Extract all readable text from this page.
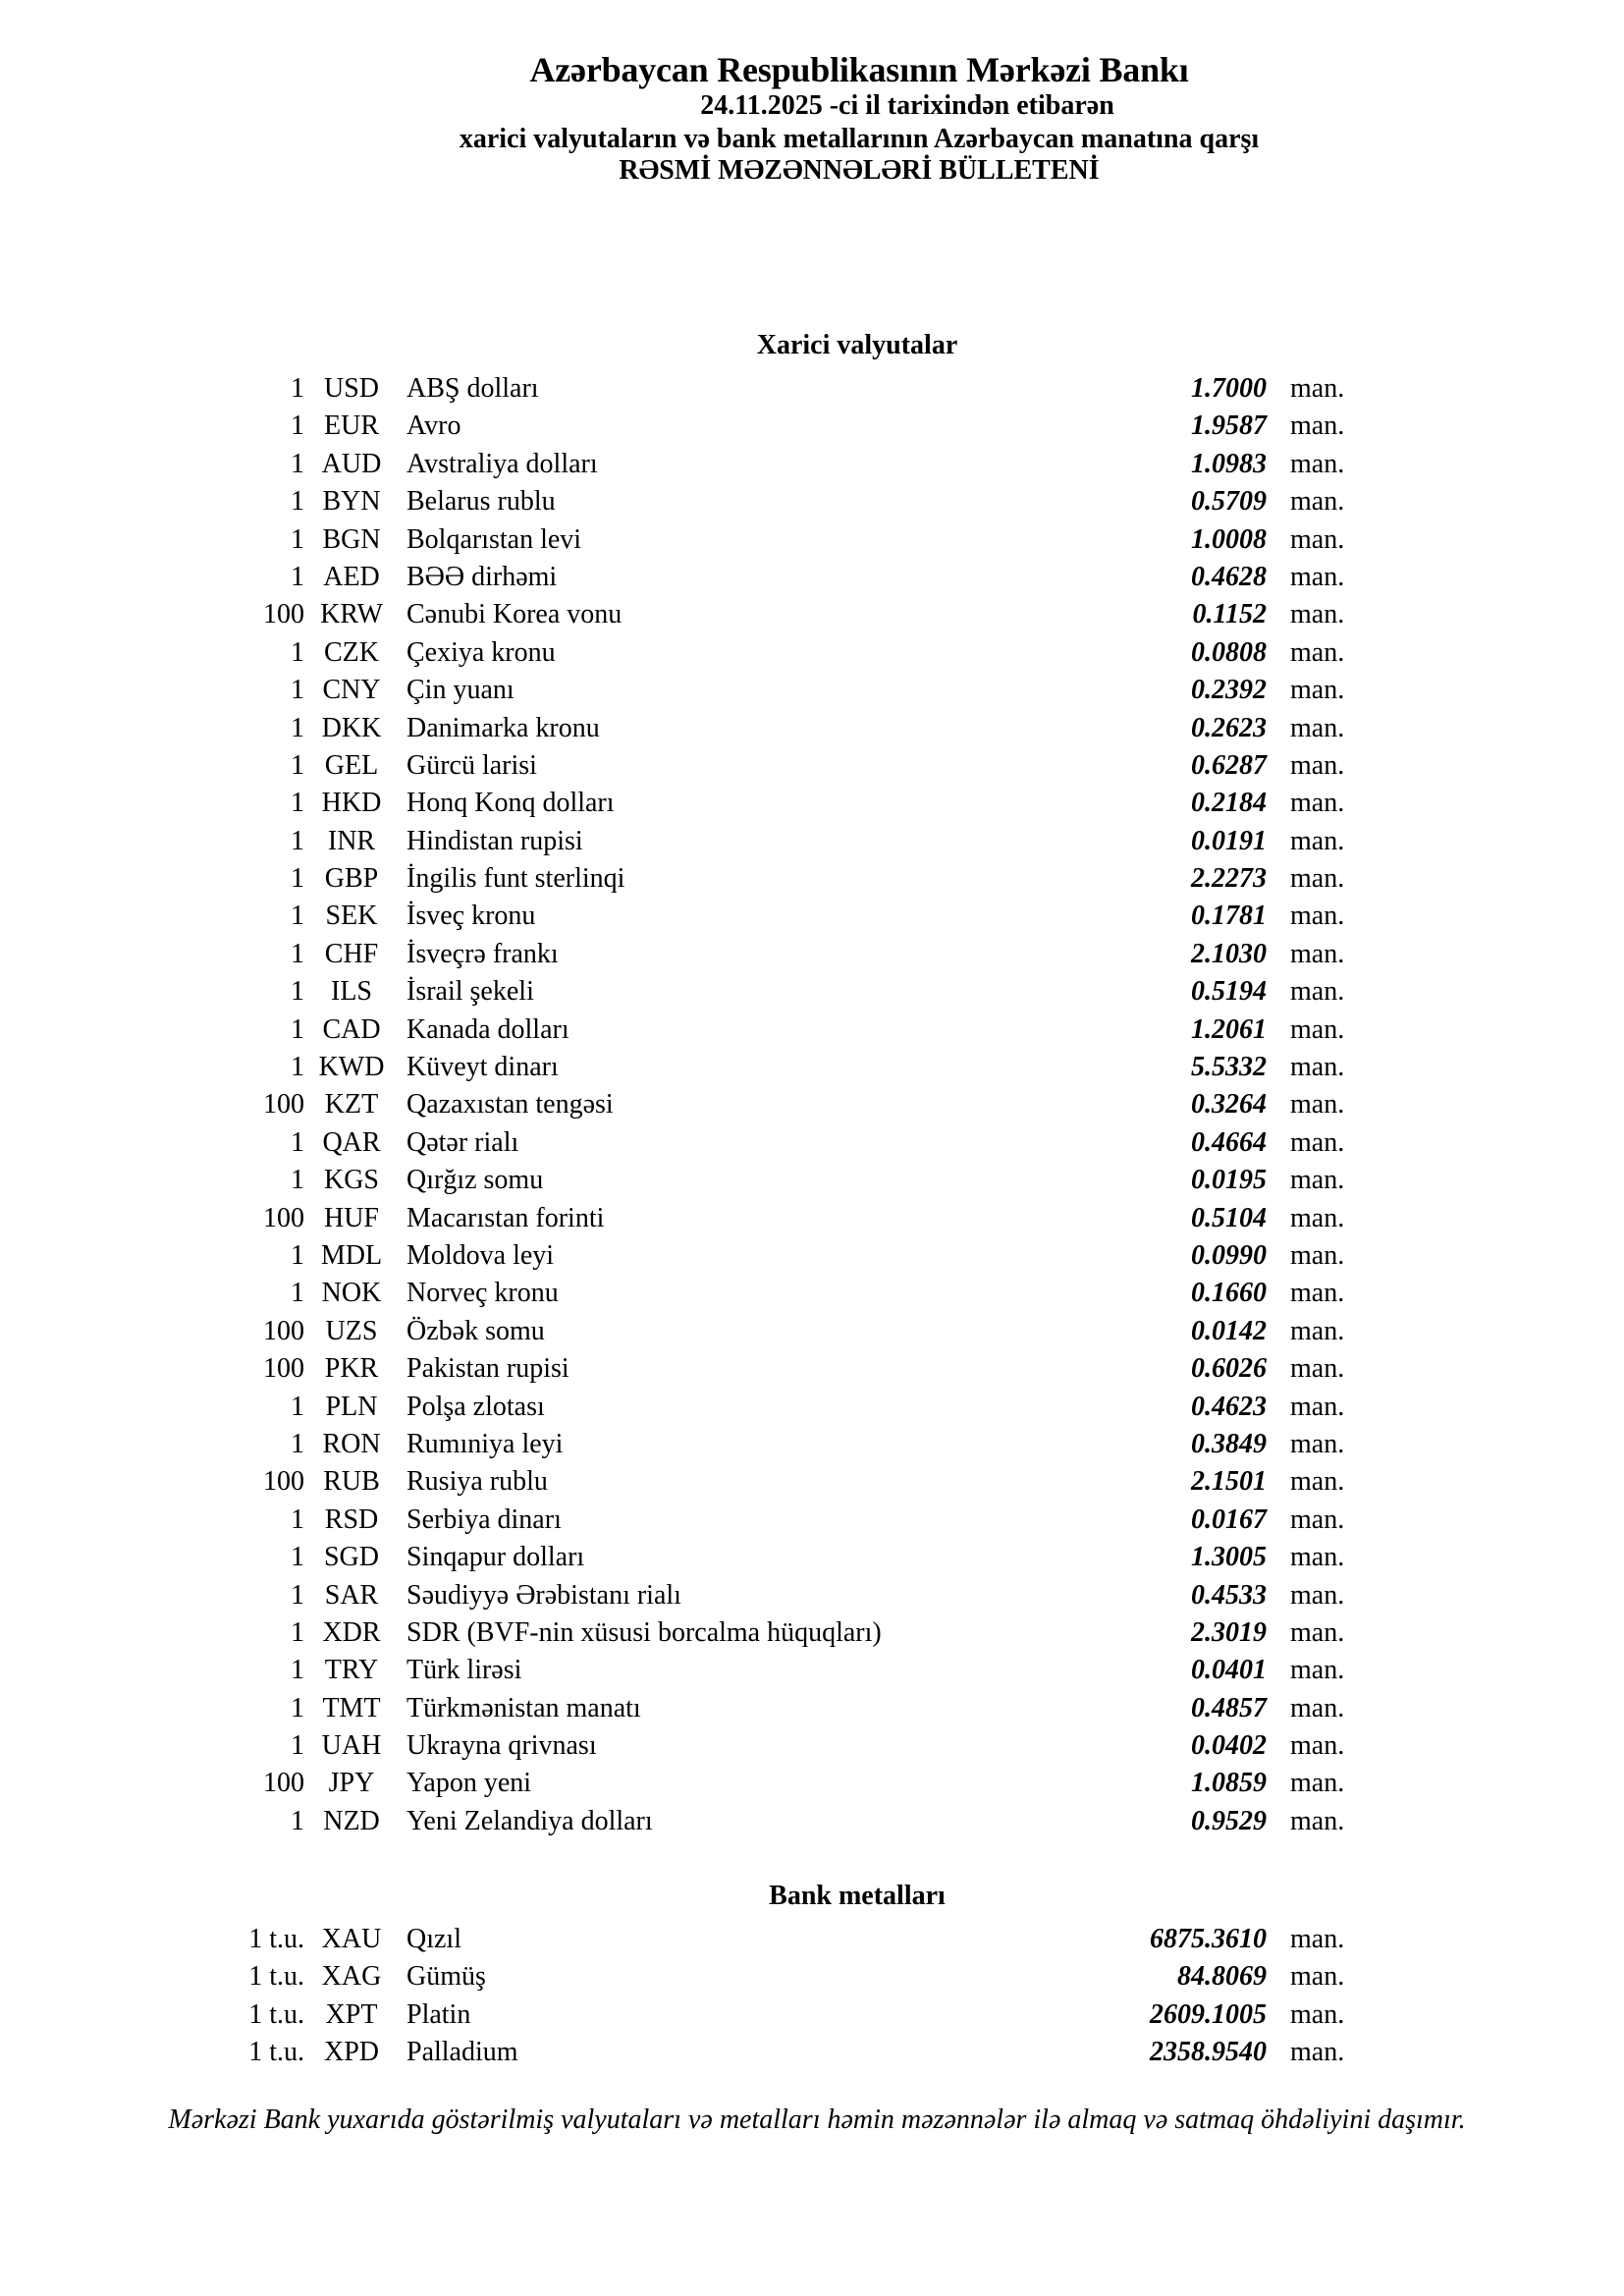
Azərbaycan Respublikasının Mərkəzi Bankı
24.11.2025 -ci il tarixindən etibarən
xarici valyutaların və bank metallarının Azərbaycan manatına qarşı
RƏSMİ MƏZƏNNƏLƏRİ BÜLLETENİ
Xarici valyutalar
1 USD	ABŞ dolları	1.7000 man.
1 EUR	Avro	1.9587 man.
1 AUD Avstraliya dolları	1.0983 man.
1 BYN Belarus rublu	0.5709 man.
1 BGN Bolqarıstan levi	1.0008 man.
1 AED BƏƏ dirhəmi	0.4628 man.
100 KRW Cənubi Korea vonu	0.1152 man.
1 CZK	Çexiya kronu	0.0808 man.
1 CNY Çin yuanı	0.2392 man.
1 DKK Danimarka kronu	0.2623 man.
1 GEL	Gürcü larisi	0.6287 man.
1 HKD Honq Konq dolları	0.2184 man.
1 INR	Hindistan rupisi	0.0191 man.
1 GBP	İngilis funt sterlinqi	2.2273 man.
1 SEK	İsveç kronu	0.1781 man.
1 CHF	İsveçrə frankı	2.1030 man.
1 ILS	İsrail şekeli	0.5194 man.
1 CAD Kanada dolları	1.2061 man.
1 KWD Küveyt dinarı	5.5332 man.
100 KZT	Qazaxıstan tengəsi	0.3264 man.
1 QAR Qətər rialı	0.4664 man.
1 KGS	Qırğız somu	0.0195 man.
100 HUF	Macarıstan forinti	0.5104 man.
1 MDL Moldova leyi	0.0990 man.
1 NOK Norveç kronu	0.1660 man.
100 UZS	Özbək somu	0.0142 man.
100 PKR	Pakistan rupisi	0.6026 man.
1 PLN	Polşa zlotası	0.4623 man.
1 RON Rumıniya leyi	0.3849 man.
100 RUB Rusiya rublu	2.1501 man.
1 RSD	Serbiya dinarı	0.0167 man.
1 SGD	Sinqapur dolları	1.3005 man.
1 SAR	Səudiyyə Ərəbistanı rialı	0.4533 man.
1 XDR SDR (BVF-nin xüsusi borcalma hüquqları)	2.3019 man.
1 TRY	Türk lirəsi	0.0401 man.
1 TMT Türkmənistan manatı	0.4857 man.
1 UAH Ukrayna qrivnası	0.0402 man.
100 JPY	Yapon yeni	1.0859 man.
1 NZD Yeni Zelandiya dolları	0.9529 man.
Bank metalları
1 t.u. XAU Qızıl	6875.3610 man.
1 t.u. XAG Gümüş	84.8069 man.
1 t.u. XPT	Platin	2609.1005 man.
1 t.u. XPD	Palladium	2358.9540 man.
Mərkəzi Bank yuxarıda göstərilmiş valyutaları və metalları həmin məzənnələr ilə almaq və satmaq öhdəliyini daşımır.
